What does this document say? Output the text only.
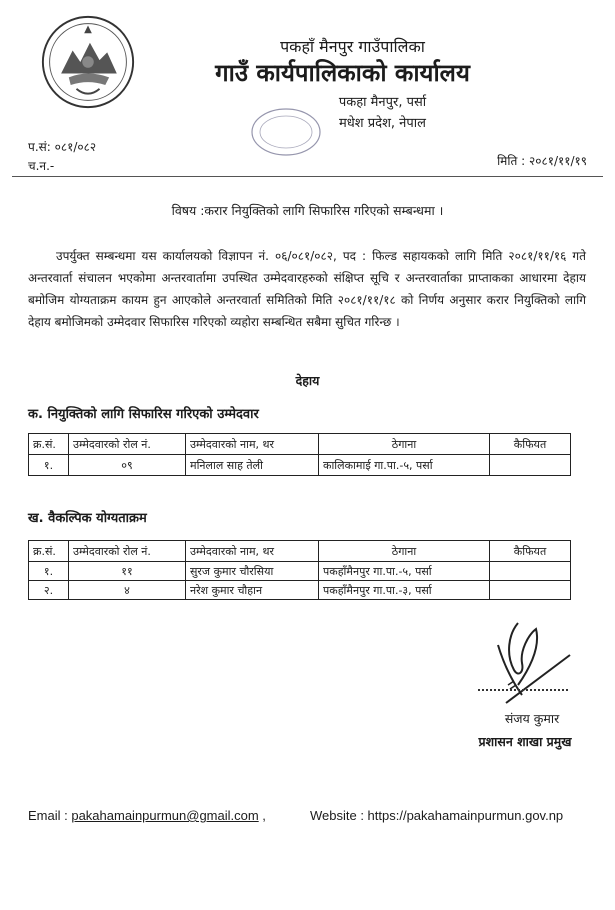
पकहाँ मैनपुर गाउँपालिका
गाउँ कार्यपालिकाको कार्यालय
पकहा मैनपुर, पर्सा
मधेश प्रदेश, नेपाल
प.सं: ०८१/०८२
च.न.-	मिति : २०८१/११/१९
विषय :करार नियुक्तिको लागि सिफारिस गरिएको सम्बन्धमा ।
उपर्युक्त सम्बन्धमा यस कार्यालयको विज्ञापन नं. ०६/०८१/०८२, पद : फिल्ड सहायकको लागि मिति २०८१/११/१६ गते अन्तरवार्ता संचालन भएकोमा अन्तरवार्तामा उपस्थित उम्मेदवारहरुको संक्षिप्त सूचि र अन्तरवार्ताका प्राप्ताकका आधारमा देहाय बमोजिम योग्यताक्रम कायम हुन आएकोले अन्तरवार्ता समितिको मिति २०८१/११/१८ को निर्णय अनुसार करार नियुक्तिको लागि देहाय बमोजिमको उम्मेदवार सिफारिस गरिएको व्यहोरा सम्बन्धित सबैमा सुचित गरिन्छ ।
देहाय
क. नियुक्तिको लागि सिफारिस गरिएको उम्मेदवार
क्र.सं.	उम्मेदवारको रोल नं.	उम्मेदवारको नाम, थर	ठेगाना	कैफियत
१.	०९	मनिलाल साह तेली	कालिकामाई गा.पा.-५, पर्सा	
ख. वैकल्पिक योग्यताक्रम
क्र.सं.	उम्मेदवारको रोल नं.	उम्मेदवारको नाम, थर	ठेगाना	कैफियत
१.	११	सुरज कुमार चौरसिया	पकहाँमैनपुर गा.पा.-५, पर्सा	
२.	४	नरेश कुमार चौहान	पकहाँमैनपुर गा.पा.-३, पर्सा	
संजय कुमार
प्रशासन शाखा प्रमुख
Email : pakahamainpurmun@gmail.com ,	Website : https://pakahamainpurmun.gov.np
